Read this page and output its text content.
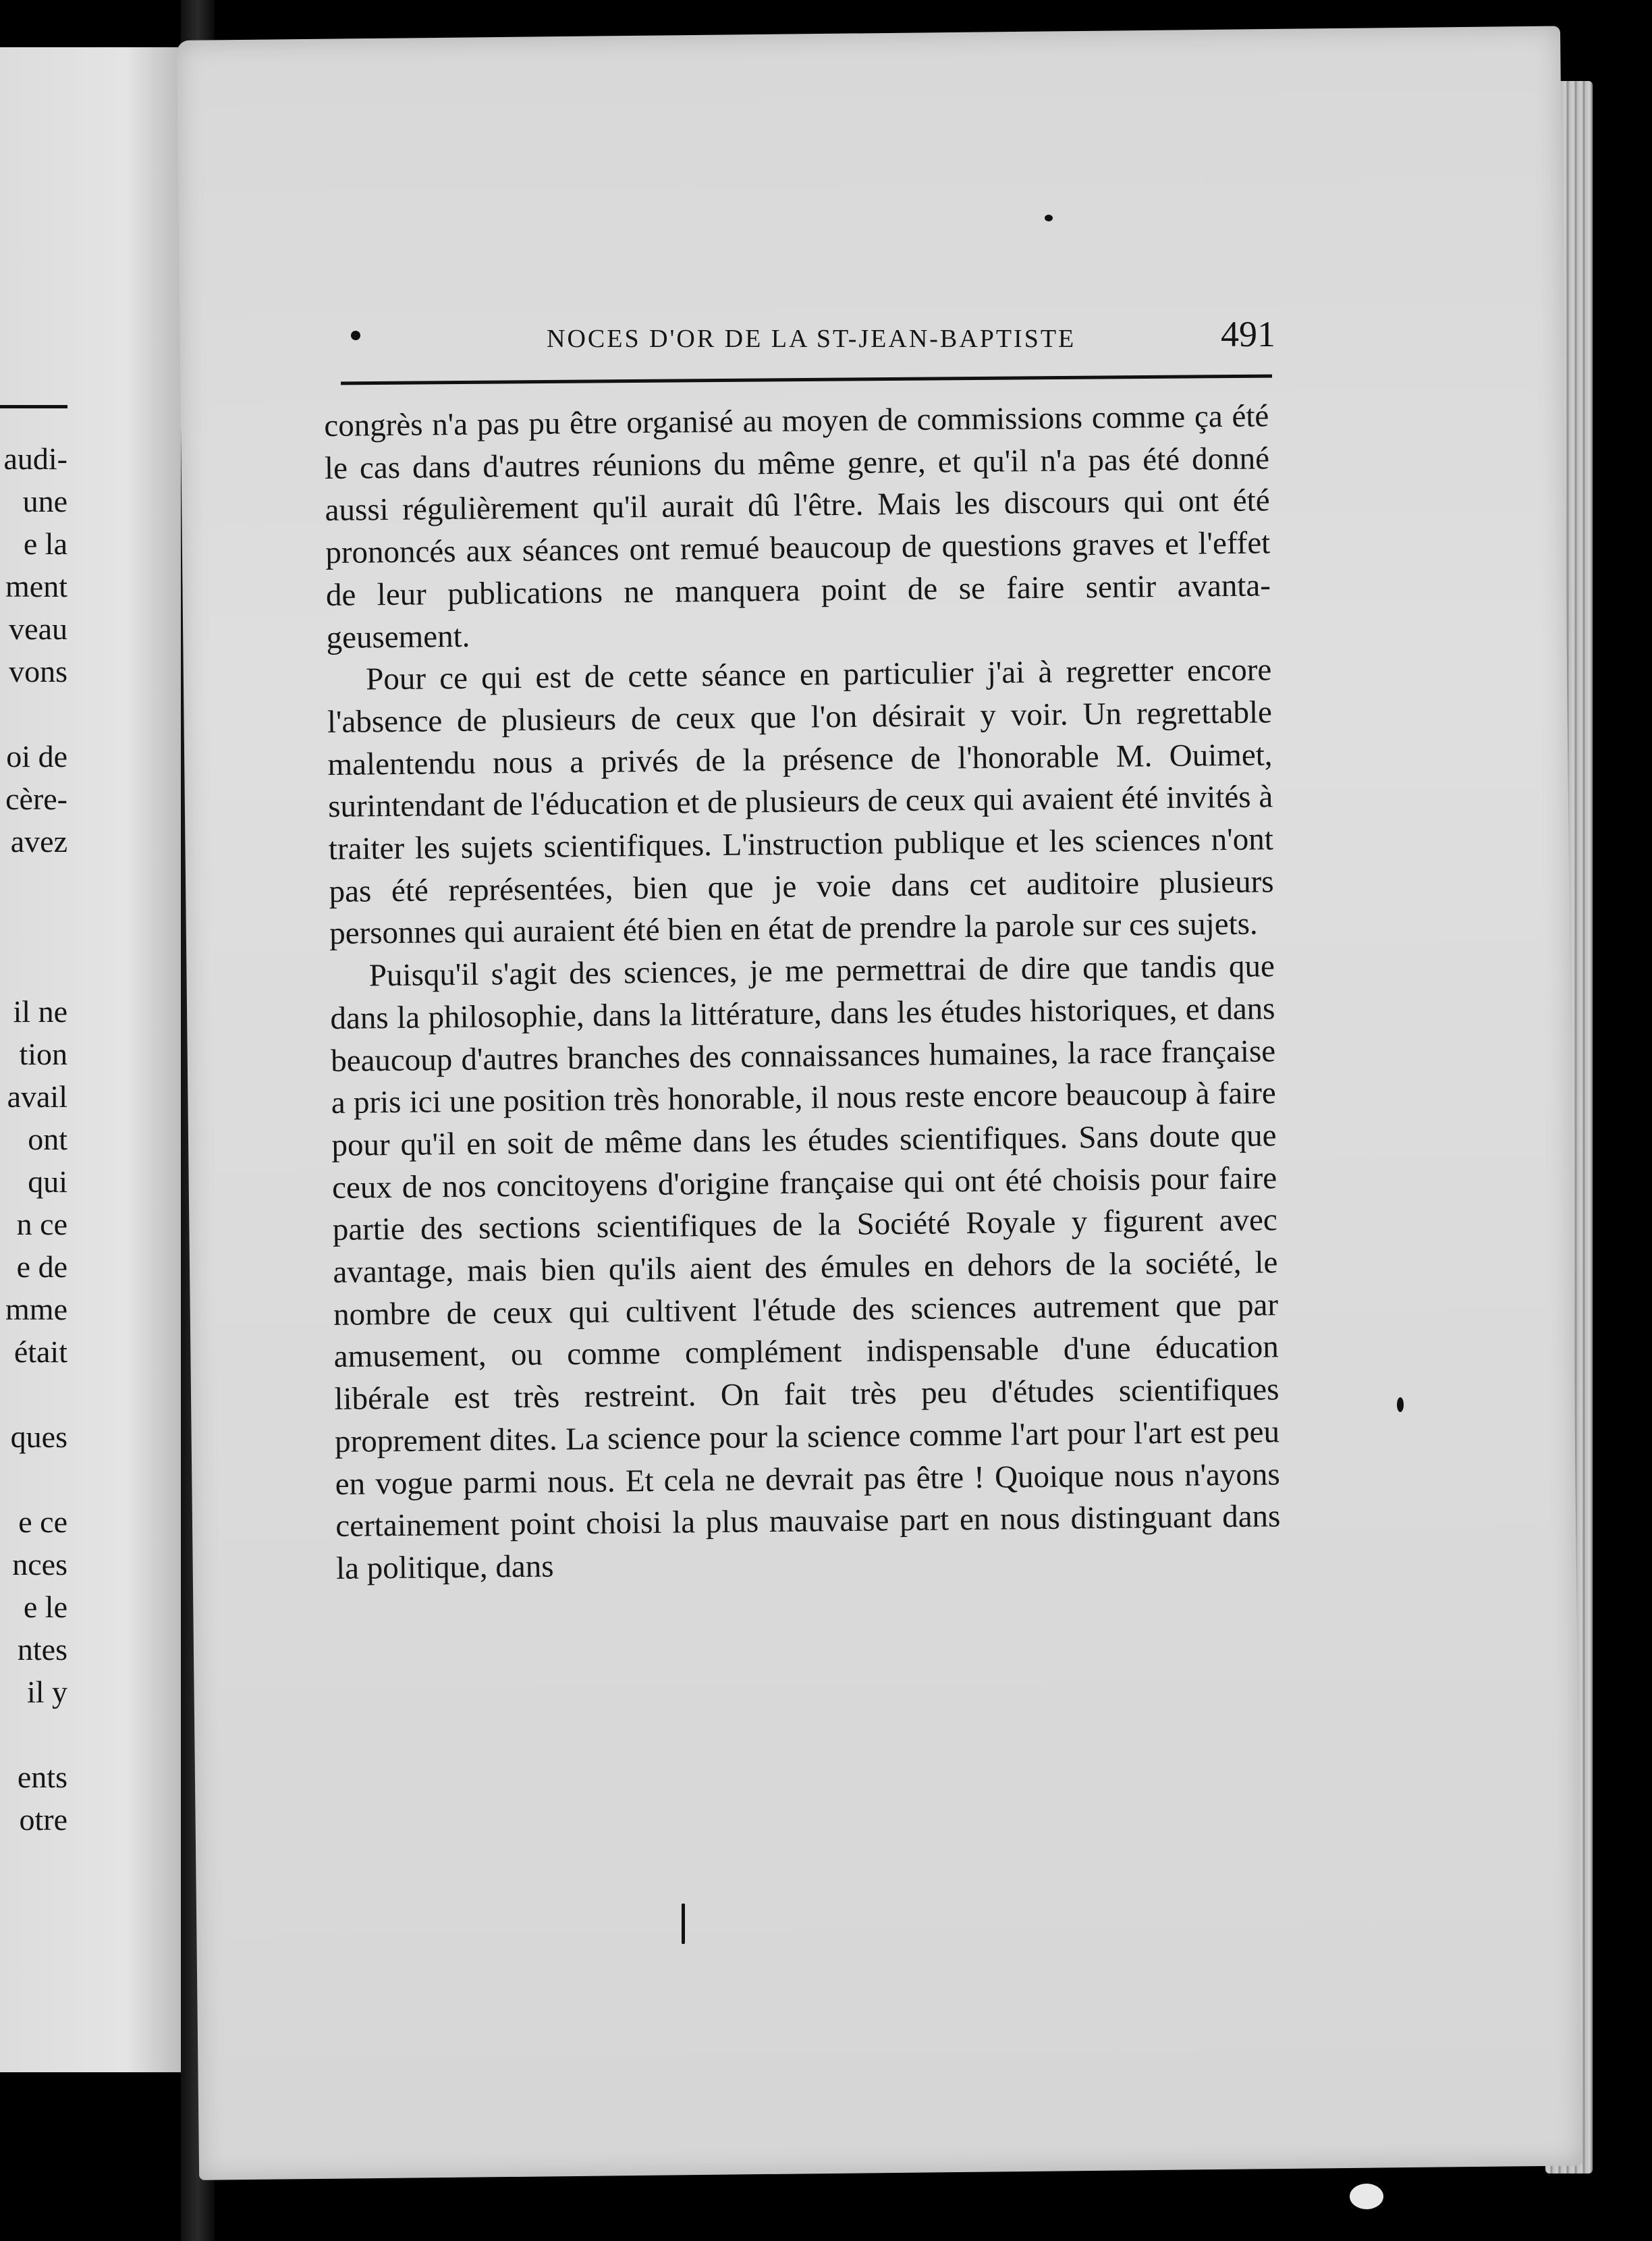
audi-
une
e la
ment
veau
vons
oi de
cère-
avez
il ne
tion
avail
ont
qui
n ce
e de
mme
était
ques
e ce
nces
e le
ntes
il y
ents
otre
NOCES D'OR DE LA ST-JEAN-BAPTISTE	491

congrès n'a pas pu être organisé au moyen de commissions comme ça été le cas dans d'autres réunions du même genre, et qu'il n'a pas été donné aussi régulièrement qu'il aurait dû l'être. Mais les discours qui ont été prononcés aux séances ont remué beaucoup de questions graves et l'effet de leur publications ne manquera point de se faire sentir avantageusement.

Pour ce qui est de cette séance en particulier j'ai à regretter encore l'absence de plusieurs de ceux que l'on désirait y voir. Un regrettable malentendu nous a privés de la présence de l'honorable M. Ouimet, surintendant de l'éducation et de plusieurs de ceux qui avaient été invités à traiter les sujets scientifiques. L'instruction publique et les sciences n'ont pas été représentées, bien que je voie dans cet auditoire plusieurs personnes qui auraient été bien en état de prendre la parole sur ces sujets.

Puisqu'il s'agit des sciences, je me permettrai de dire que tandis que dans la philosophie, dans la littérature, dans les études historiques, et dans beaucoup d'autres branches des connaissances humaines, la race française a pris ici une position très honorable, il nous reste encore beaucoup à faire pour qu'il en soit de même dans les études scientifiques. Sans doute que ceux de nos concitoyens d'origine française qui ont été choisis pour faire partie des sections scientifiques de la Société Royale y figurent avec avantage, mais bien qu'ils aient des émules en dehors de la société, le nombre de ceux qui cultivent l'étude des sciences autrement que par amusement, ou comme complément indispensable d'une éducation libérale est très restreint. On fait très peu d'études scientifiques proprement dites. La science pour la science comme l'art pour l'art est peu en vogue parmi nous. Et cela ne devrait pas être ! Quoique nous n'ayons certainement point choisi la plus mauvaise part en nous distinguant dans la politique, dans
